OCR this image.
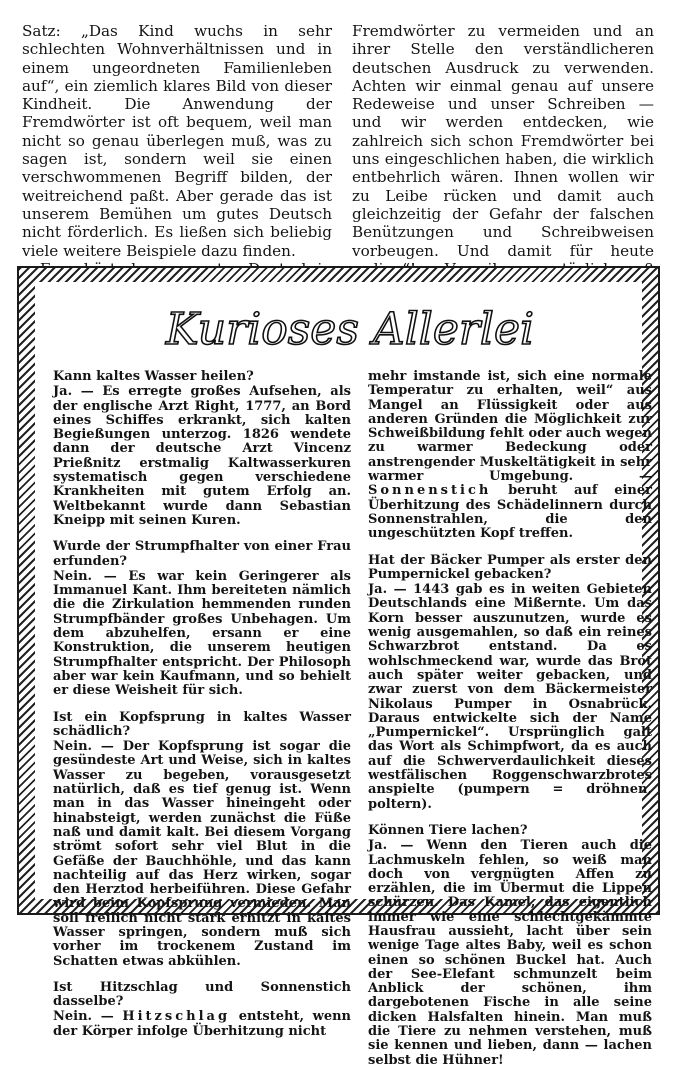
Satz: „Das Kind wuchs in sehr schlechten Wohnverhältnissen und in einem ungeordneten Familienleben auf“, ein ziemlich klares Bild von dieser Kindheit. Die Anwendung der Fremdwörter ist oft bequem, weil man nicht so genau überlegen muß, was zu sagen ist, sondern weil sie einen verschwommenen Begriff bilden, der weitreichend paßt. Aber gerade das ist unserem Bemühen um gutes Deutsch nicht förderlich. Es ließen sich beliebig viele weitere Beispiele dazu finden.

Fremdwörter zu vermeiden und an ihrer Stelle den verständlicheren deutschen Ausdruck zu verwenden. Achten wir einmal genau auf unsere Redeweise und unser Schreiben — und wir werden entdecken, wie zahlreich sich schon Fremdwörter bei uns eingeschlichen haben, die wirklich entbehrlich wären. Ihnen wollen wir zu Leibe rücken und damit auch gleichzeitig der Gefahr der falschen Benützungen und Schreibweisen vorbeugen. Und damit für heute

Kurioses Allerlei

Kann kaltes Wasser heilen?

Ja. — Es erregte großes Aufsehen, als der englische Arzt Right, 1777, an Bord eines Schiffes erkrankt, sich kalten Begießungen unterzog. 1826 wendete dann der deutsche Arzt Vincenz Prießnitz erstmalig Kaltwasserkuren systematisch gegen verschiedene Krankheiten mit gutem Erfolg an. Weltbekannt wurde dann Sebastian Kneipp mit seinen Kuren.

Wurde der Strumpfhalter von einer Frau erfunden?

Nein. — Es war kein Geringerer als Immanuel Kant. Ihm bereiteten nämlich die die Zirkulation hemmenden runden Strumpfbänder großes Unbehagen. Um dem abzuhelfen, ersann er eine Konstruktion, die unserem heutigen Strumpfhalter entspricht. Der Philosoph aber war kein Kaufmann, und so behielt er diese Weisheit für sich.

Ist ein Kopfsprung in kaltes Wasser schädlich?

Nein. — Der Kopfsprung ist sogar die gesündeste Art und Weise, sich in kaltes Wasser zu begeben, vorausgesetzt natürlich, daß es tief genug ist. Wenn man in das Wasser hineingeht oder hinabsteigt, werden zunächst die Füße naß und damit kalt. Bei diesem Vorgang strömt sofort sehr viel Blut in die Gefäße der Bauchhöhle, und das kann nachteilig auf das Herz wirken, sogar den Herztod herbeiführen. Diese Gefahr wird beim Kopfsprung vermieden. Man soll freilich nicht stark erhitzt in kaltes Wasser springen, sondern muß sich vorher im trockenem Zustand im Schatten etwas abkühlen.

Ist Hitzschlag und Sonnenstich dasselbe?

Nein. — Hitzschlag entsteht, wenn der Körper infolge Überhitzung nicht

mehr imstande ist, sich eine normale Temperatur zu erhalten, weil“ aus Mangel an Flüssigkeit oder aus anderen Gründen die Möglichkeit zur Schweißbildung fehlt oder auch wegen zu warmer Bedeckung oder anstrengender Muskeltätigkeit in sehr warmer Umgebung. — Sonnenstich beruht auf einer Überhitzung des Schädelinnern durch Sonnenstrahlen, die den ungeschützten Kopf treffen.

Hat der Bäcker Pumper als erster den Pumpernickel gebacken?

Ja. — 1443 gab es in weiten Gebieten Deutschlands eine Mißernte. Um das Korn besser auszunutzen, wurde es wenig ausgemahlen, so daß ein reines Schwarzbrot entstand. Da es wohlschmeckend war, wurde das Brot auch später weiter gebacken, und zwar zuerst von dem Bäckermeister Nikolaus Pumper in Osnabrück. Daraus entwickelte sich der Name „Pumpernickel“. Ursprünglich galt das Wort als Schimpfwort, da es auch auf die Schwerverdaulichkeit dieses westfälischen Roggenschwarzbrotes anspielte (pumpern = dröhnen, poltern).

Können Tiere lachen?

Ja. — Wenn den Tieren auch die Lachmuskeln fehlen, so weiß man doch von vergnügten Affen zu erzählen, die im Übermut die Lippen schürzen. Das Kamel, das eigentlich immer wie eine schlechtgekämmte Hausfrau aussieht, lacht über sein wenige Tage altes Baby, weil es schon einen so schönen Buckel hat. Auch der See-Elefant schmunzelt beim Anblick der schönen, ihm dargebotenen Fische in alle seine dicken Halsfalten hinein. Man muß die Tiere zu nehmen verstehen, muß sie kennen und lieben, dann — lachen selbst die Hühner!
